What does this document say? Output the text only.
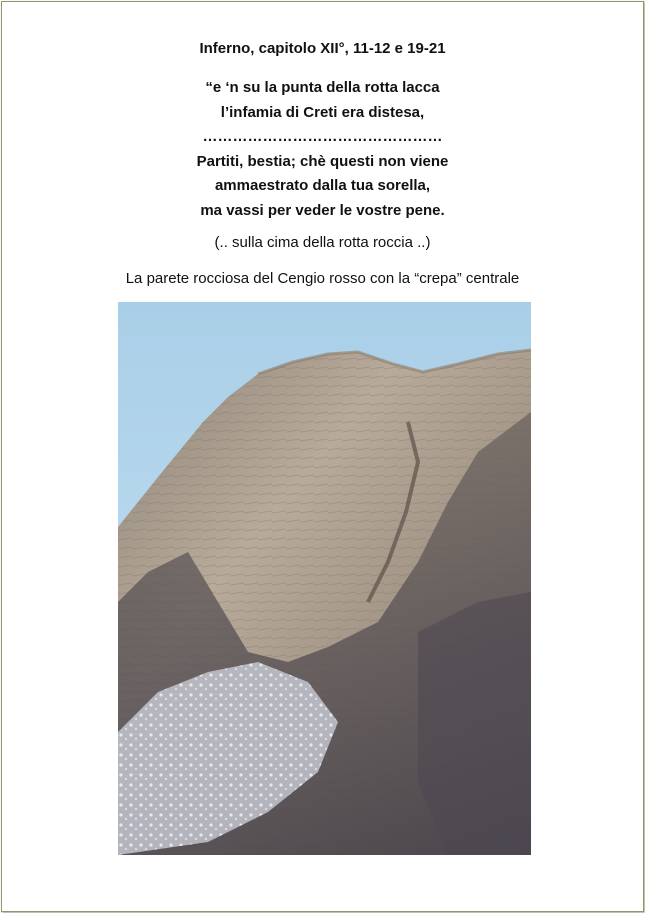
Inferno, capitolo XII°, 11-12 e 19-21
“e ‘n su la punta della rotta lacca
l’infamia di Creti era distesa,
…………………………………………
Partiti, bestia; chè questi non viene
ammaestrato dalla tua sorella,
ma vassi per veder le vostre pene.
(.. sulla cima della rotta roccia ..)
La parete rocciosa del Cengio rosso con la “crepa” centrale
